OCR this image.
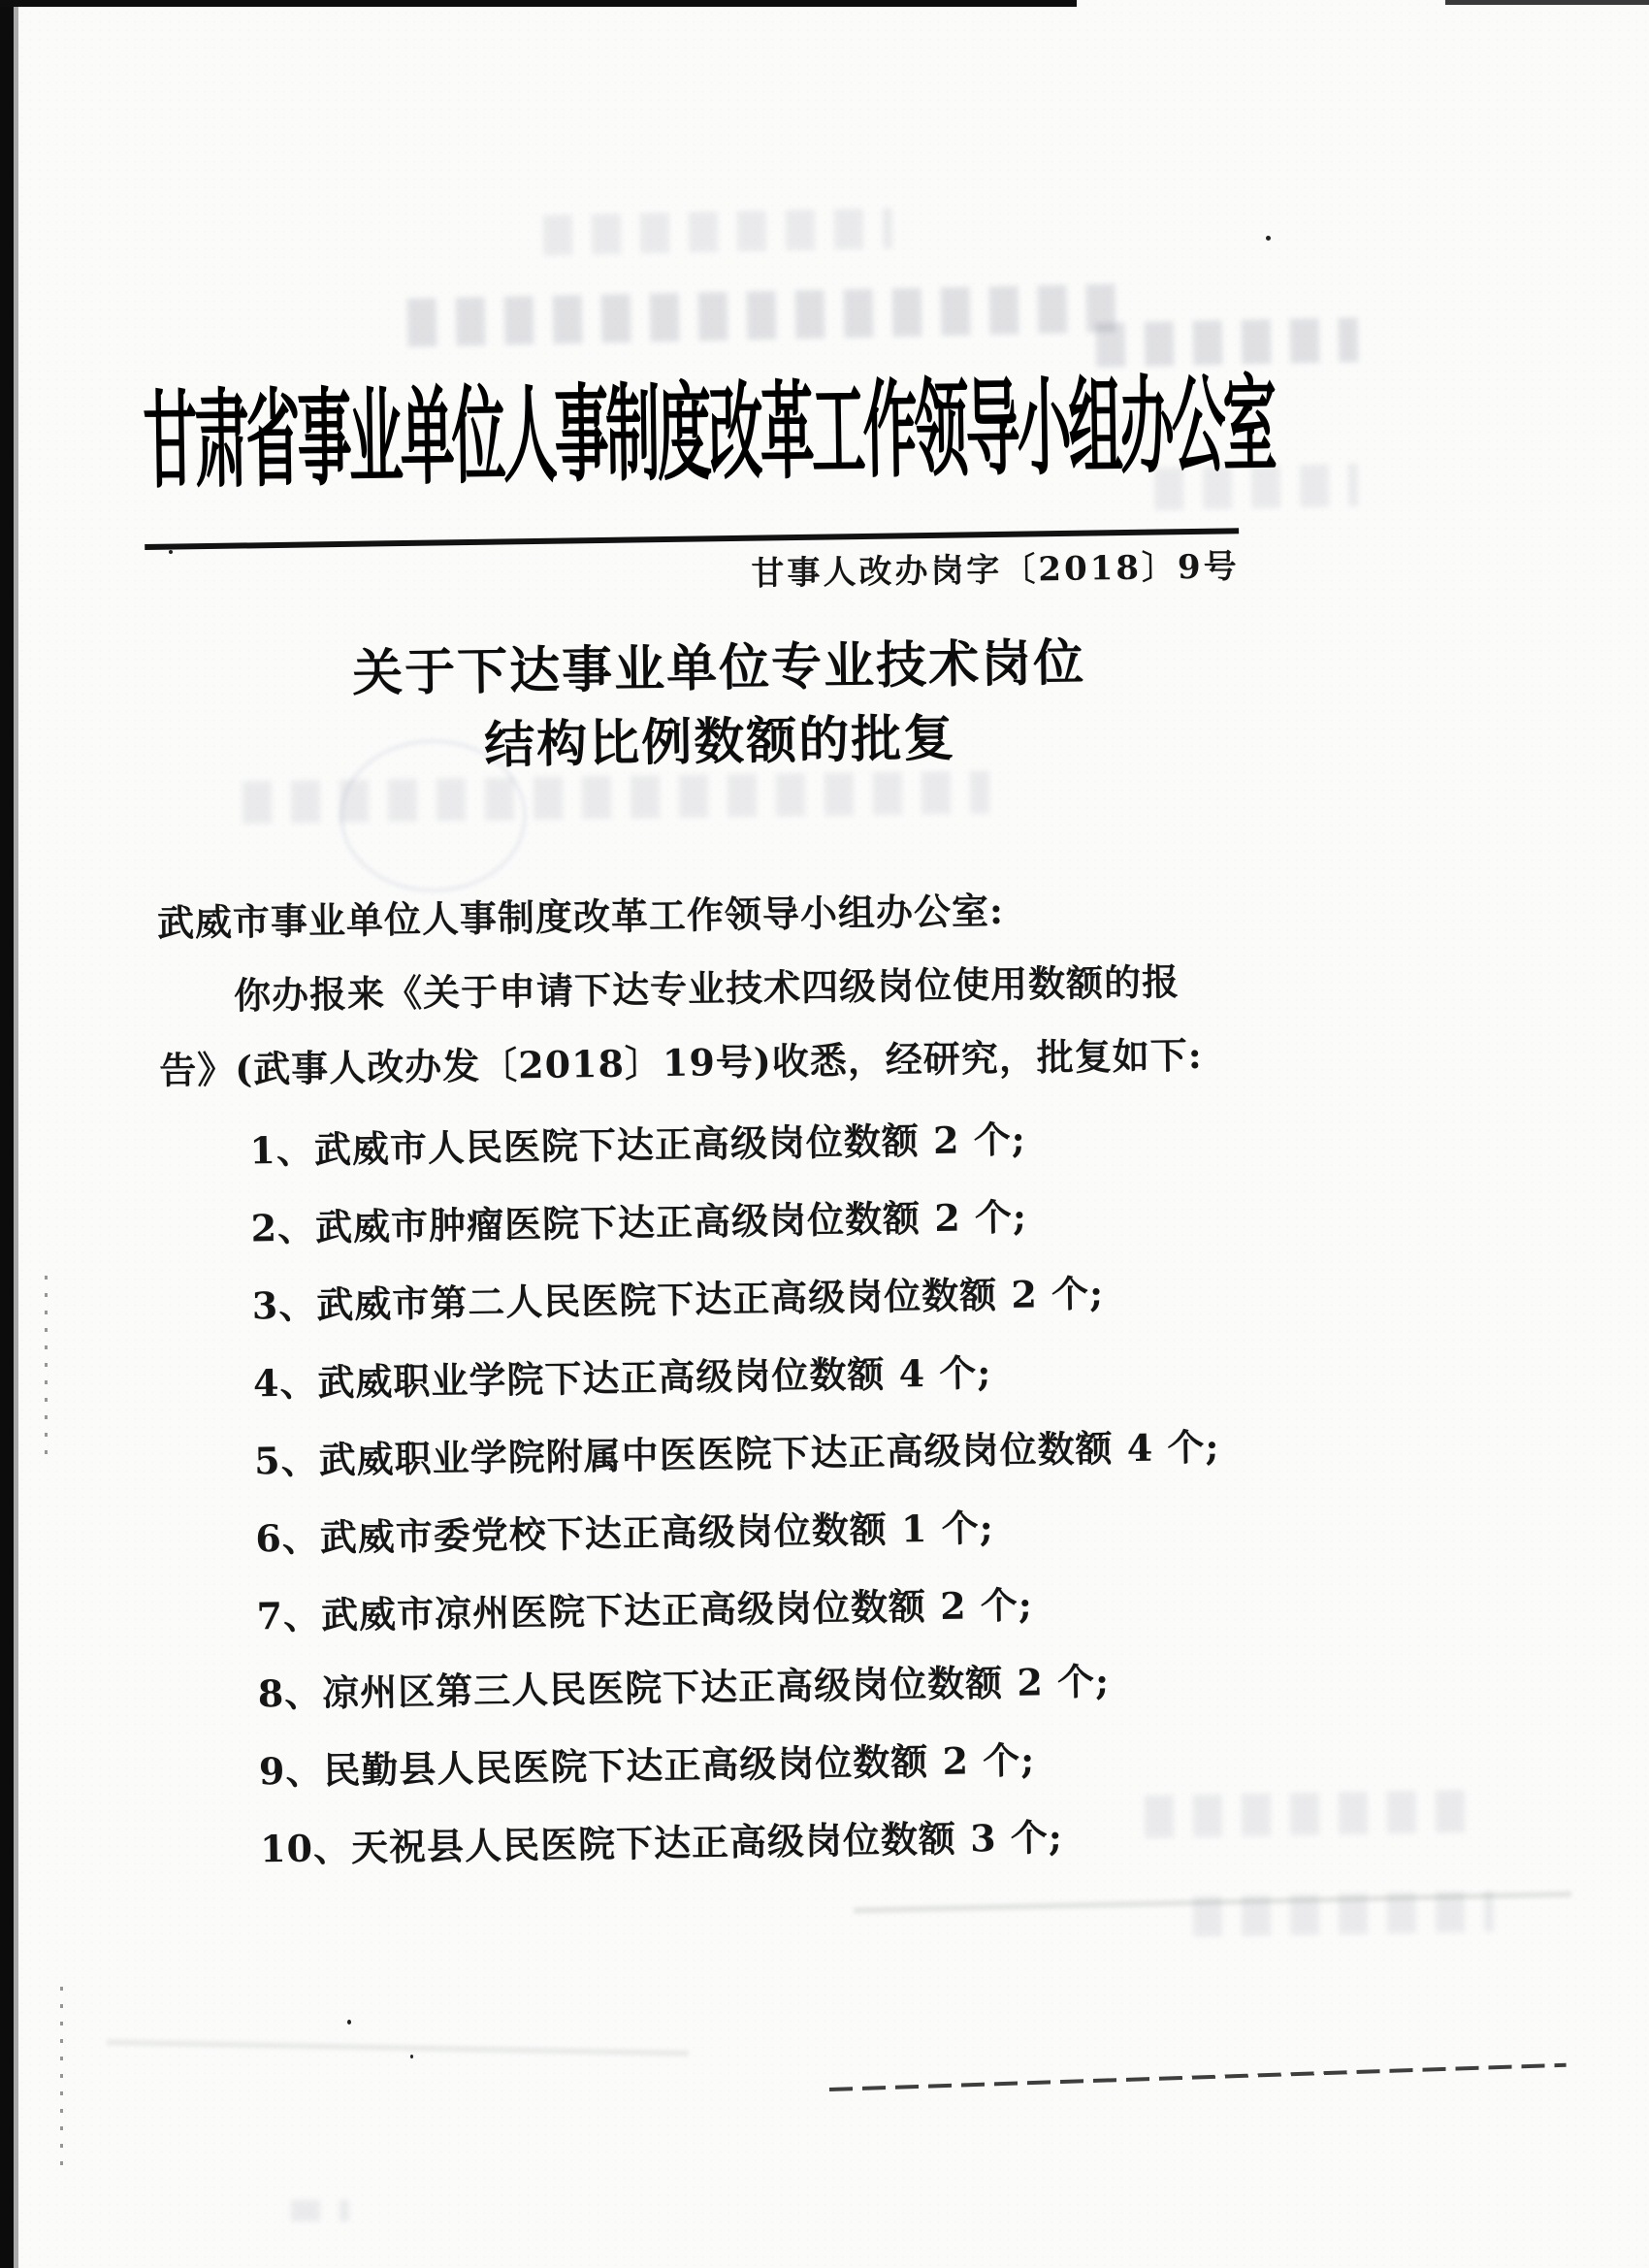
甘肃省事业单位人事制度改革工作领导小组办公室
甘事人改办岗字〔2018〕9号
关于下达事业单位专业技术岗位
结构比例数额的批复
武威市事业单位人事制度改革工作领导小组办公室:
你办报来《关于申请下达专业技术四级岗位使用数额的报
告》(武事人改办发〔2018〕19号)收悉，经研究，批复如下:
1、武威市人民医院下达正高级岗位数额 2 个;
2、武威市肿瘤医院下达正高级岗位数额 2 个;
3、武威市第二人民医院下达正高级岗位数额 2 个;
4、武威职业学院下达正高级岗位数额 4 个;
5、武威职业学院附属中医医院下达正高级岗位数额 4 个;
6、武威市委党校下达正高级岗位数额 1 个;
7、武威市凉州医院下达正高级岗位数额 2 个;
8、凉州区第三人民医院下达正高级岗位数额 2 个;
9、民勤县人民医院下达正高级岗位数额 2 个;
10、天祝县人民医院下达正高级岗位数额 3 个;
